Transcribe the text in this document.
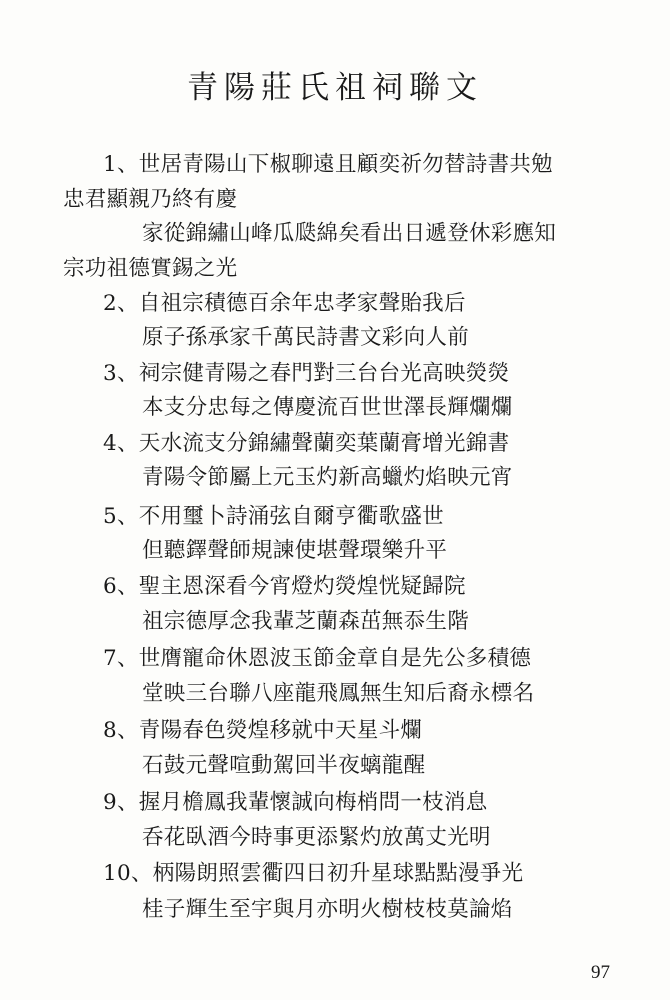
青陽莊氏祖祠聯文
1、世居青陽山下椒聊遠且顧奕祈勿替詩書共勉
忠君顯親乃終有慶
家從錦繡山峰瓜瓞綿矣看出日遞登休彩應知
宗功祖德實錫之光
2、自祖宗積德百余年忠孝家聲貽我后
原子孫承家千萬民詩書文彩向人前
3、祠宗健青陽之春門對三台台光高映熒熒
本支分忠每之傳慶流百世世澤長輝爛爛
4、天水流支分錦繡聲蘭奕葉蘭膏增光錦書
青陽令節屬上元玉灼新高蠟灼焰映元宵
5、不用璽卜詩涌弦自爾亨衢歌盛世
但聽鐸聲師規諫使堪聲環樂升平
6、聖主恩深看今宵燈灼熒煌恍疑歸院
祖宗德厚念我輩芝蘭森茁無忝生階
7、世膺寵命休恩波玉節金章自是先公多積德
堂映三台聯八座龍飛鳳無生知后裔永標名
8、青陽春色熒煌移就中天星斗爛
石鼓元聲喧動駕回半夜螭龍醒
9、握月檐鳳我輩懷誠向梅梢問一枝消息
呑花臥酒今時事更添緊灼放萬丈光明
10、柄陽朗照雲衢四日初升星球點點漫爭光
桂子輝生至宇與月亦明火樹枝枝莫論焰
97
